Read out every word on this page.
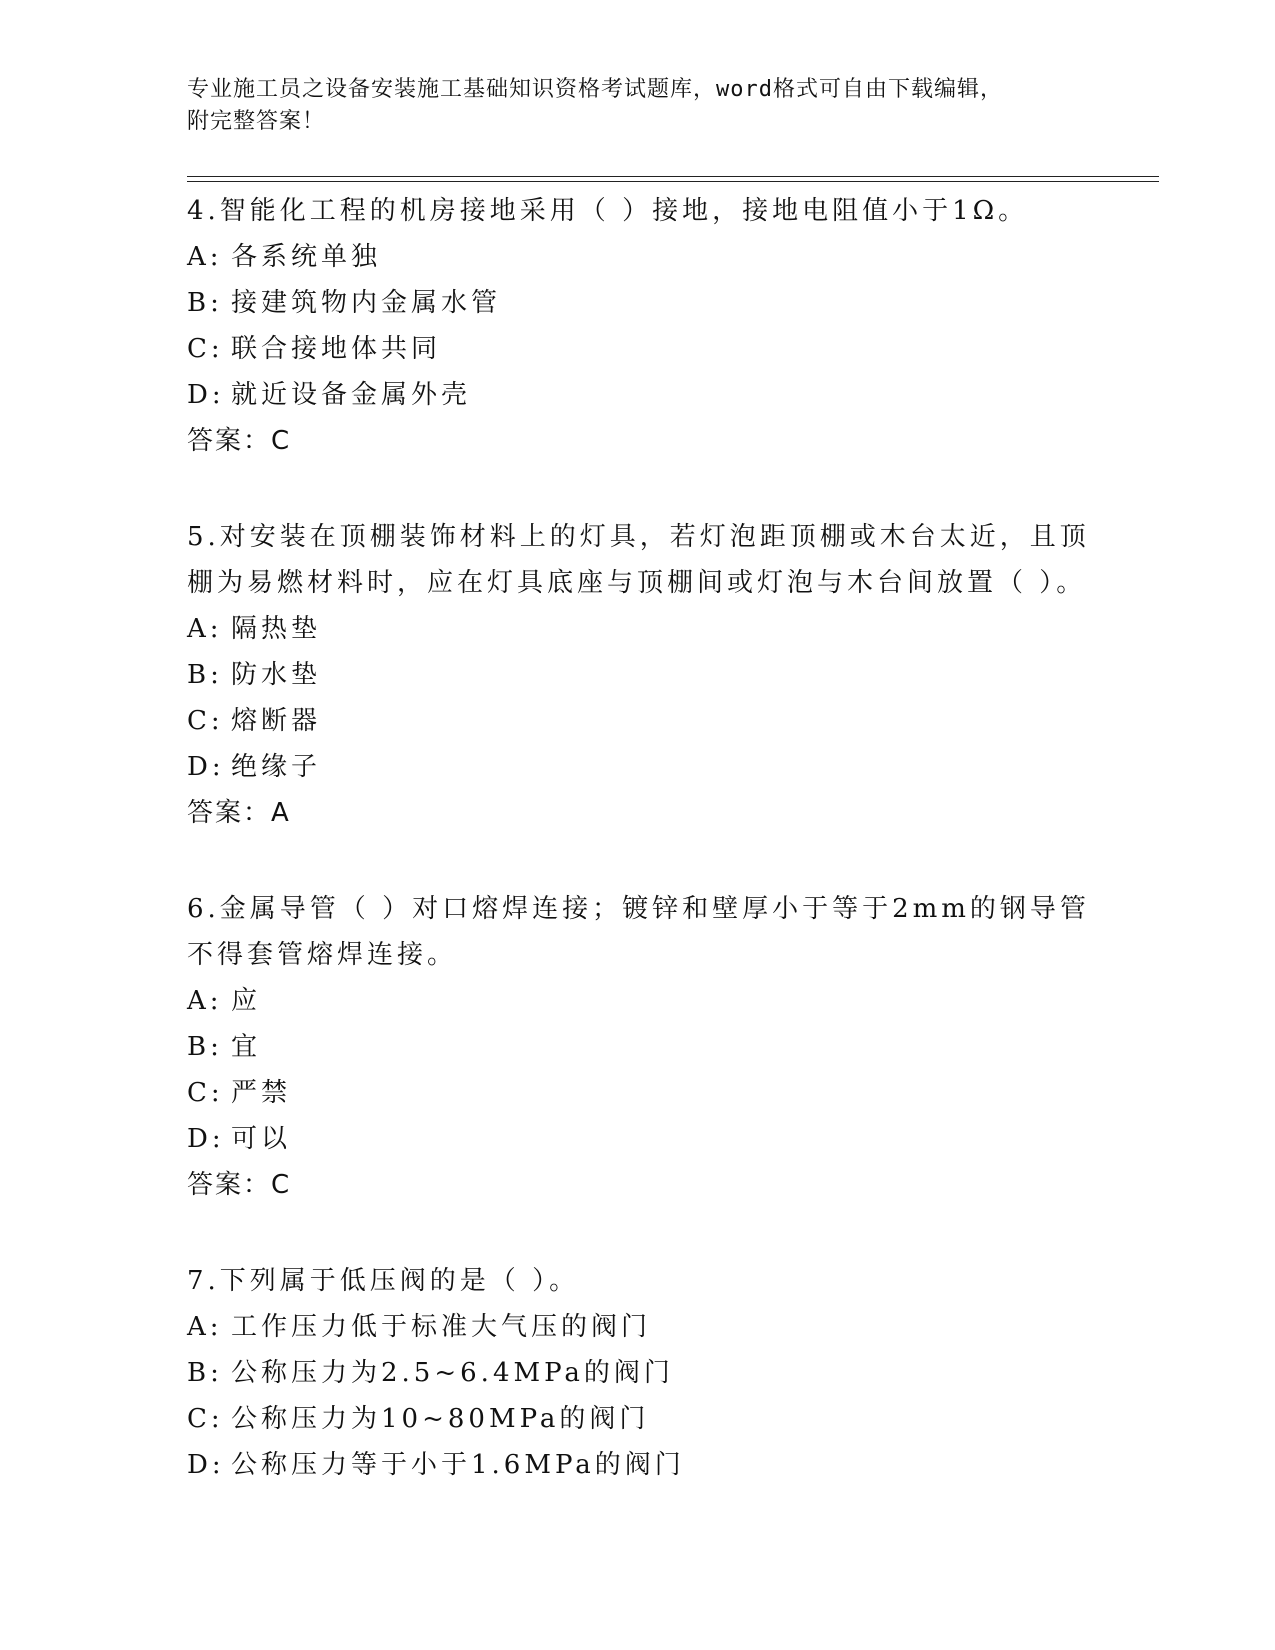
专业施工员之设备安装施工基础知识资格考试题库，word格式可自由下载编辑，
附完整答案！
4.智能化工程的机房接地采用（ ）接地，接地电阻值小于1Ω。
A: 各系统单独
B: 接建筑物内金属水管
C: 联合接地体共同
D: 就近设备金属外壳
答案：C
5.对安装在顶棚装饰材料上的灯具，若灯泡距顶棚或木台太近，且顶棚为易燃材料时，应在灯具底座与顶棚间或灯泡与木台间放置（ ）。
A: 隔热垫
B: 防水垫
C: 熔断器
D: 绝缘子
答案：A
6.金属导管（ ）对口熔焊连接；镀锌和壁厚小于等于2mm的钢导管不得套管熔焊连接。
A: 应
B: 宜
C: 严禁
D: 可以
答案：C
7.下列属于低压阀的是（ ）。
A: 工作压力低于标准大气压的阀门
B: 公称压力为2.5~6.4MPa的阀门
C: 公称压力为10~80MPa的阀门
D: 公称压力等于小于1.6MPa的阀门
